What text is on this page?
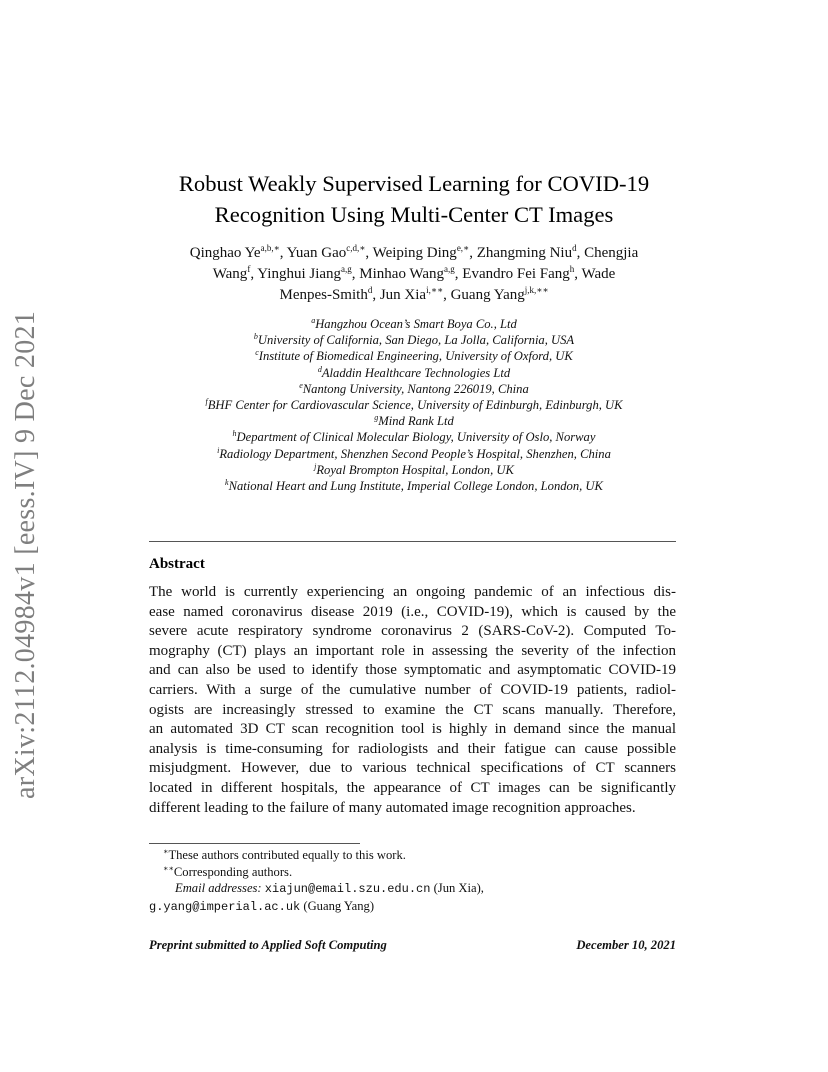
arXiv:2112.04984v1 [eess.IV] 9 Dec 2021
Robust Weakly Supervised Learning for COVID-19
Recognition Using Multi-Center CT Images
Qinghao $Ye^{a,b,∗}$, Yuan Gao$^{c,d,∗}$, Weiping Ding$^{e,∗}$, Zhangming Niu$^d$, Chengjia
Wang$^f$, Yinghui Jiang$^{a,g}$, Minhao Wang$^{a,g}$, Evandro Fei Fang$^h$, Wade
Menpes-Smith$^d$, Jun Xia$^{i,∗∗}$, Guang Yang$^{j,k,∗∗}$
$^a$Hangzhou Ocean’s Smart Boya Co., Ltd
$^b$University of California, San Diego, La Jolla, California, USA
$^c$Institute of Biomedical Engineering, University of Oxford, UK
$^d$Aladdin Healthcare Technologies Ltd
$^e$Nantong University, Nantong 226019, China
$^f$BHF Center for Cardiovascular Science, University of Edinburgh, Edinburgh, UK
$^g$Mind Rank Ltd
$^h$Department of Clinical Molecular Biology, University of Oslo, Norway
$^i$Radiology Department, Shenzhen Second People’s Hospital, Shenzhen, China
$^j$Royal Brompton Hospital, London, UK
$^k$National Heart and Lung Institute, Imperial College London, London, UK
Abstract
The world is currently experiencing an ongoing pandemic of an infectious dis-
ease named coronavirus disease 2019 (i.e., COVID-19), which is caused by the
severe acute respiratory syndrome coronavirus 2 (SARS-CoV-2). Computed To-
mography (CT) plays an important role in assessing the severity of the infection
and can also be used to identify those symptomatic and asymptomatic COVID-19
carriers. With a surge of the cumulative number of COVID-19 patients, radiol-
ogists are increasingly stressed to examine the CT scans manually. Therefore,
an automated 3D CT scan recognition tool is highly in demand since the manual
analysis is time-consuming for radiologists and their fatigue can cause possible
misjudgment. However, due to various technical specifications of CT scanners
located in different hospitals, the appearance of CT images can be significantly
different leading to the failure of many automated image recognition approaches.
∗These authors contributed equally to this work.
∗∗Corresponding authors.
Email addresses: xiajun@email.szu.edu.cn (Jun Xia),
g.yang@imperial.ac.uk (Guang Yang)
Preprint submitted to Applied Soft Computing	December 10, 2021
